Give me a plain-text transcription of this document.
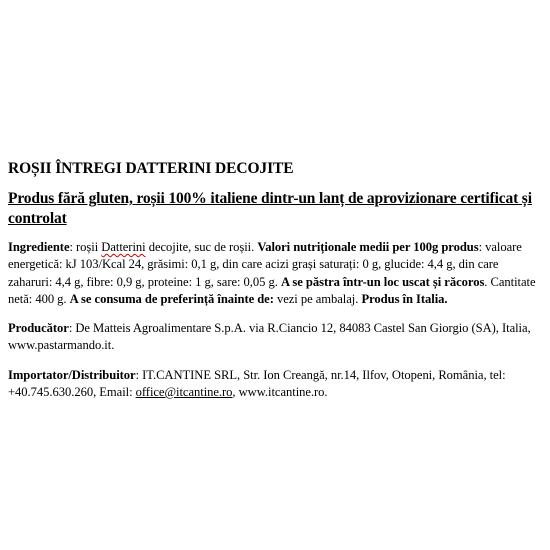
ROȘII ÎNTREGI DATTERINI DECOJITE

Produs fără gluten, roșii 100% italiene dintr-un lanț de aprovizionare certificat și controlat

Ingrediente: roșii Datterini decojite, suc de roșii. Valori nutriționale medii per 100g produs: valoare energetică: kJ 103/Kcal 24, grăsimi: 0,1 g, din care acizi grași saturați: 0 g, glucide: 4,4 g, din care zaharuri: 4,4 g, fibre: 0,9 g, proteine: 1 g, sare: 0,05 g. A se păstra într-un loc uscat și răcoros. Cantitate netă: 400 g. A se consuma de preferință înainte de: vezi pe ambalaj. Produs în Italia.

Producător: De Matteis Agroalimentare S.p.A. via R.Ciancio 12, 84083 Castel San Giorgio (SA), Italia, www.pastarmando.it.

Importator/Distribuitor: IT.CANTINE SRL, Str. Ion Creangă, nr.14, Ilfov, Otopeni, România, tel: +40.745.630.260, Email: office@itcantine.ro, www.itcantine.ro.
